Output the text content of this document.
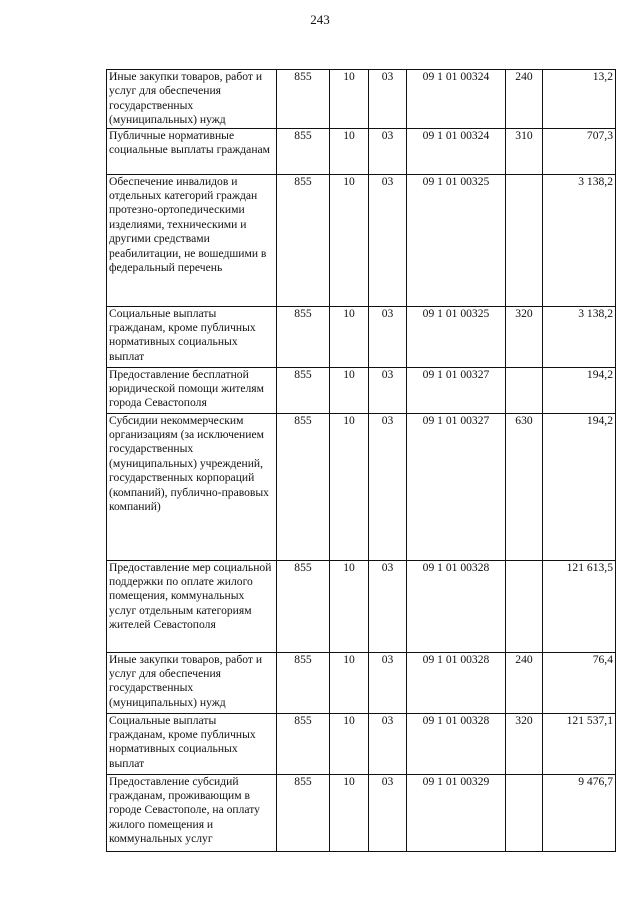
243
Иные закупки товаров, работ и услуг для обеспечения государственных (муниципальных) нужд	855	10	03	09 1 01 00324	240	13,2
Публичные нормативные социальные выплаты гражданам	855	10	03	09 1 01 00324	310	707,3
Обеспечение инвалидов и отдельных категорий граждан протезно-ортопедическими изделиями, техническими и другими средствами реабилитации, не вошедшими в федеральный перечень	855	10	03	09 1 01 00325		3 138,2
Социальные выплаты гражданам, кроме публичных нормативных социальных выплат	855	10	03	09 1 01 00325	320	3 138,2
Предоставление бесплатной юридической помощи жителям города Севастополя	855	10	03	09 1 01 00327		194,2
Субсидии некоммерческим организациям (за исключением государственных (муниципальных) учреждений, государственных корпораций (компаний), публично-правовых компаний)	855	10	03	09 1 01 00327	630	194,2
Предоставление мер социальной поддержки по оплате жилого помещения, коммунальных услуг отдельным категориям жителей Севастополя	855	10	03	09 1 01 00328		121 613,5
Иные закупки товаров, работ и услуг для обеспечения государственных (муниципальных) нужд	855	10	03	09 1 01 00328	240	76,4
Социальные выплаты гражданам, кроме публичных нормативных социальных выплат	855	10	03	09 1 01 00328	320	121 537,1
Предоставление субсидий гражданам, проживающим в городе Севастополе, на оплату жилого помещения и коммунальных услуг	855	10	03	09 1 01 00329		9 476,7
